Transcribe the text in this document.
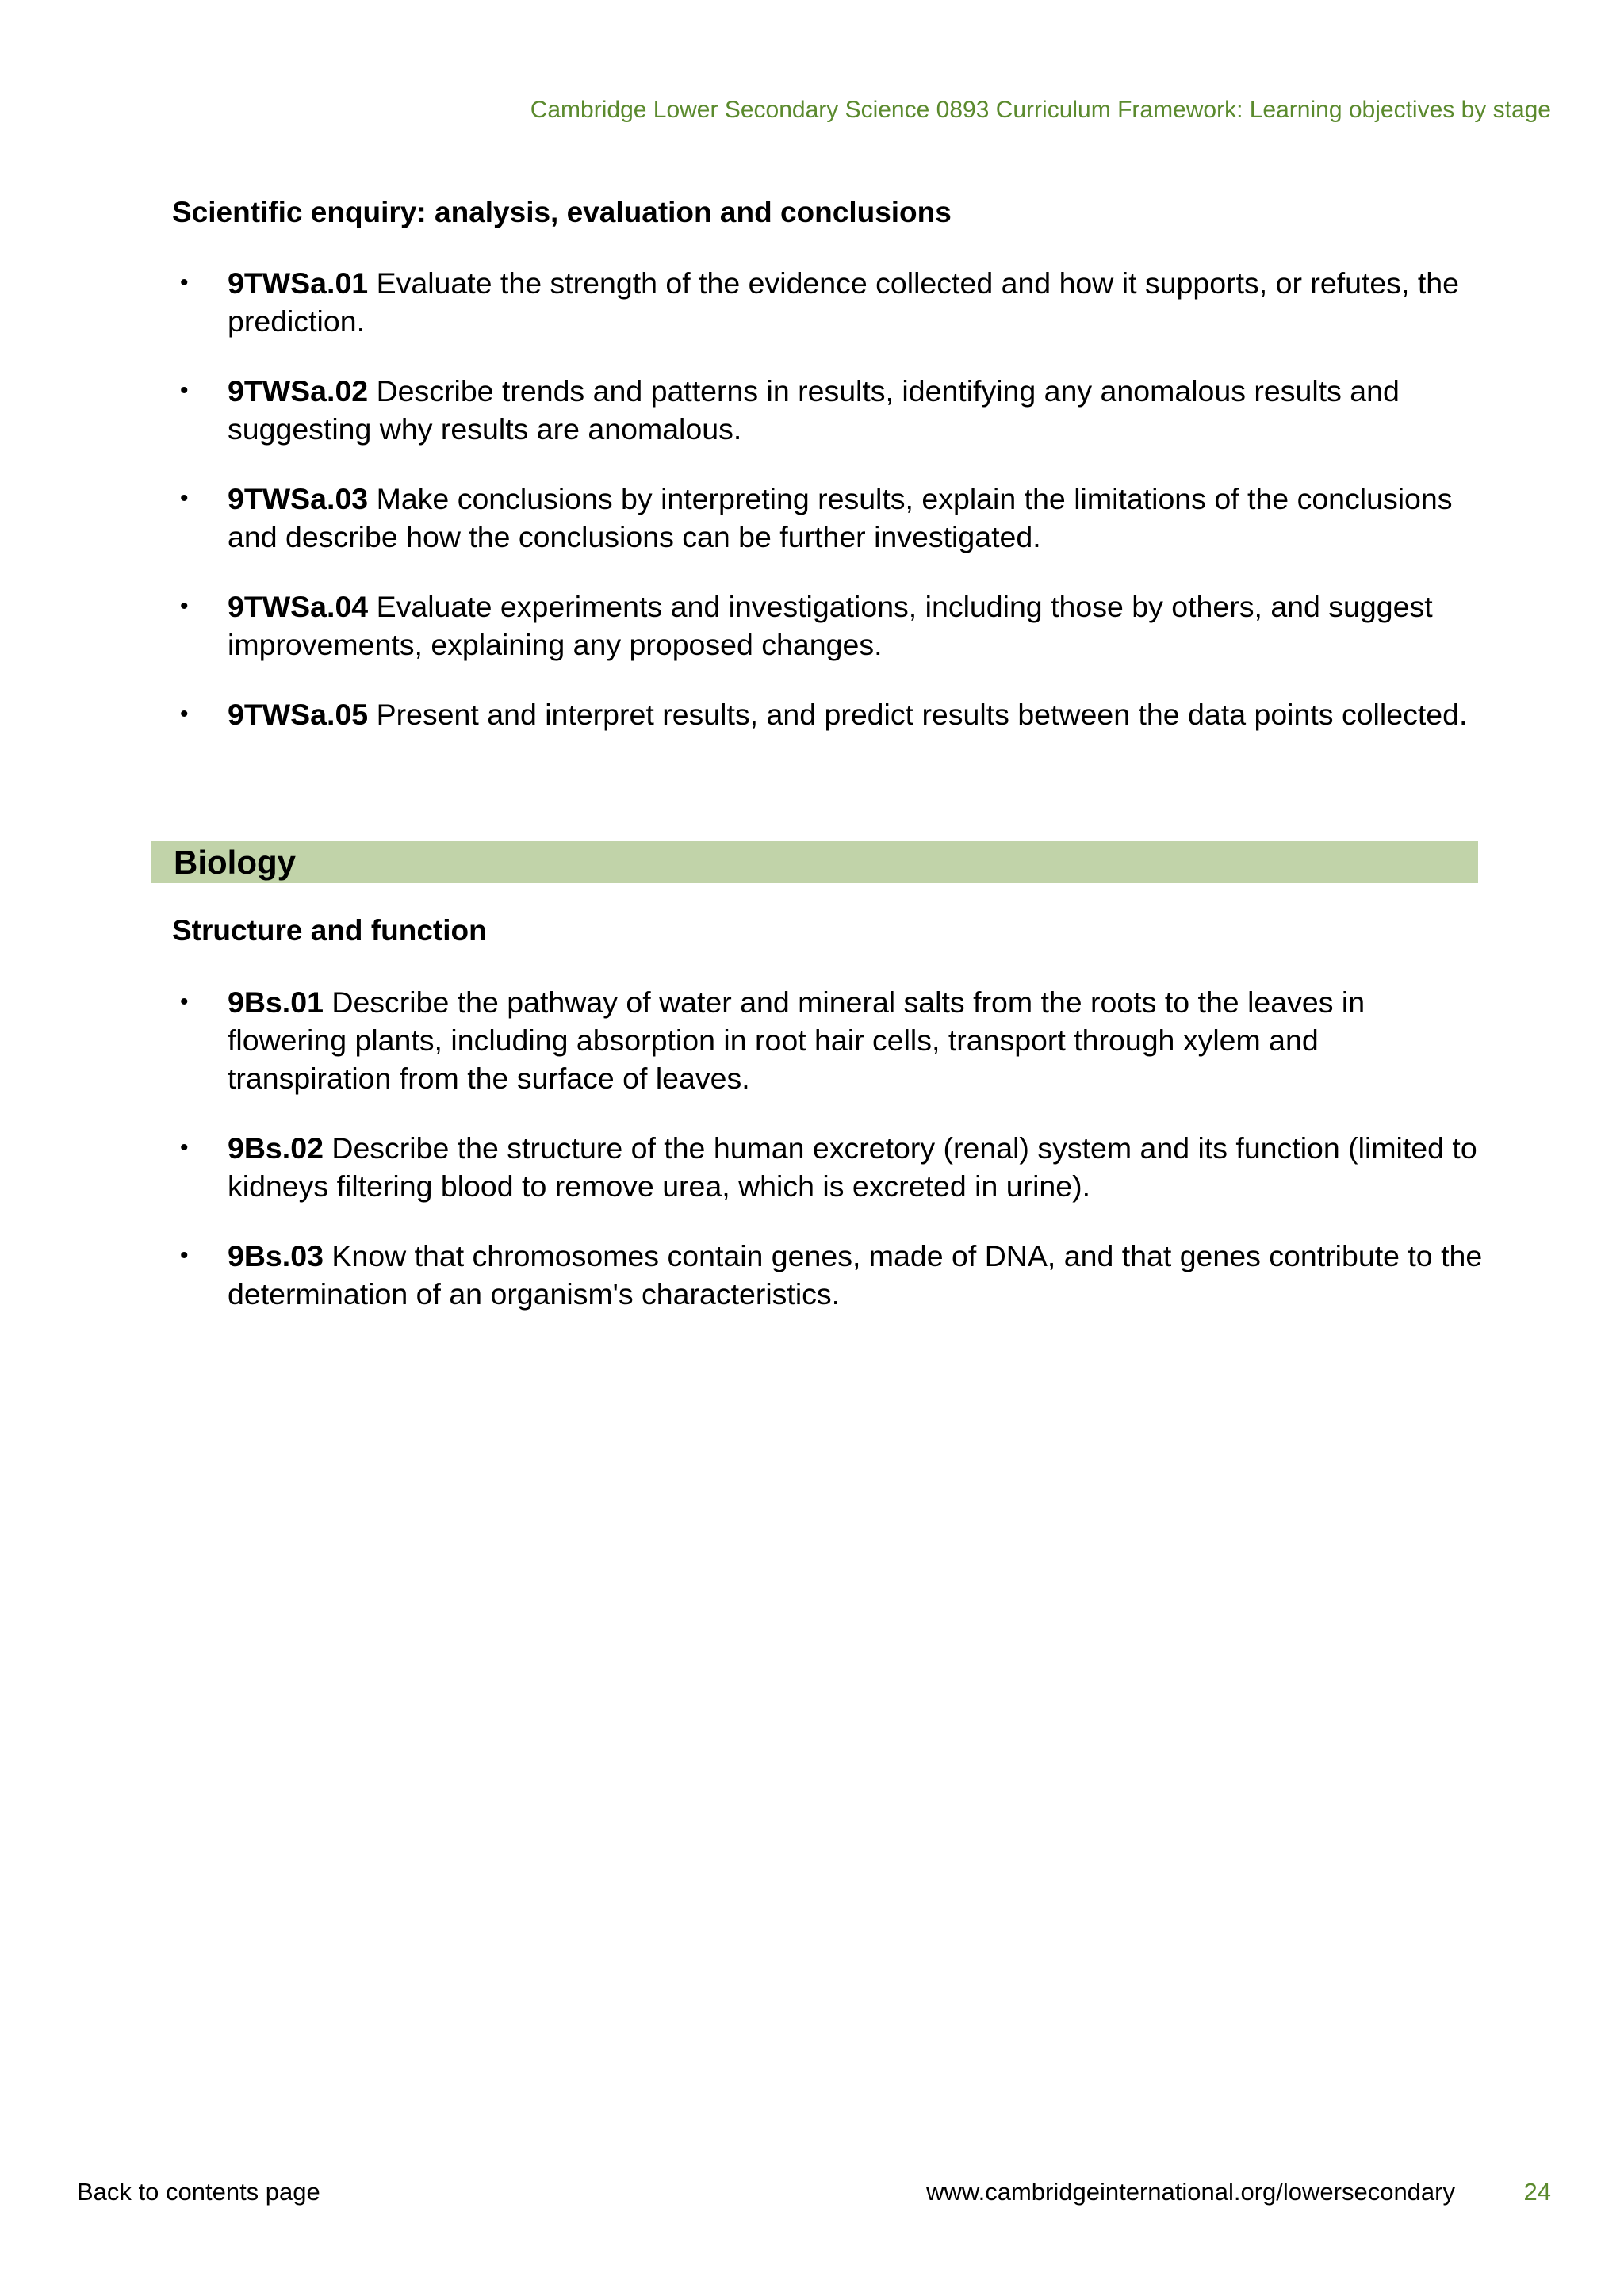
Cambridge Lower Secondary Science 0893 Curriculum Framework: Learning objectives by stage
Scientific enquiry: analysis, evaluation and conclusions
• 9TWSa.01 Evaluate the strength of the evidence collected and how it supports, or refutes, the prediction.
• 9TWSa.02 Describe trends and patterns in results, identifying any anomalous results and suggesting why results are anomalous.
• 9TWSa.03 Make conclusions by interpreting results, explain the limitations of the conclusions and describe how the conclusions can be further investigated.
• 9TWSa.04 Evaluate experiments and investigations, including those by others, and suggest improvements, explaining any proposed changes.
• 9TWSa.05 Present and interpret results, and predict results between the data points collected.
Biology
Structure and function
• 9Bs.01 Describe the pathway of water and mineral salts from the roots to the leaves in flowering plants, including absorption in root hair cells, transport through xylem and transpiration from the surface of leaves.
• 9Bs.02 Describe the structure of the human excretory (renal) system and its function (limited to kidneys filtering blood to remove urea, which is excreted in urine).
• 9Bs.03 Know that chromosomes contain genes, made of DNA, and that genes contribute to the determination of an organism's characteristics.
Back to contents page	www.cambridgeinternational.org/lowersecondary	24
